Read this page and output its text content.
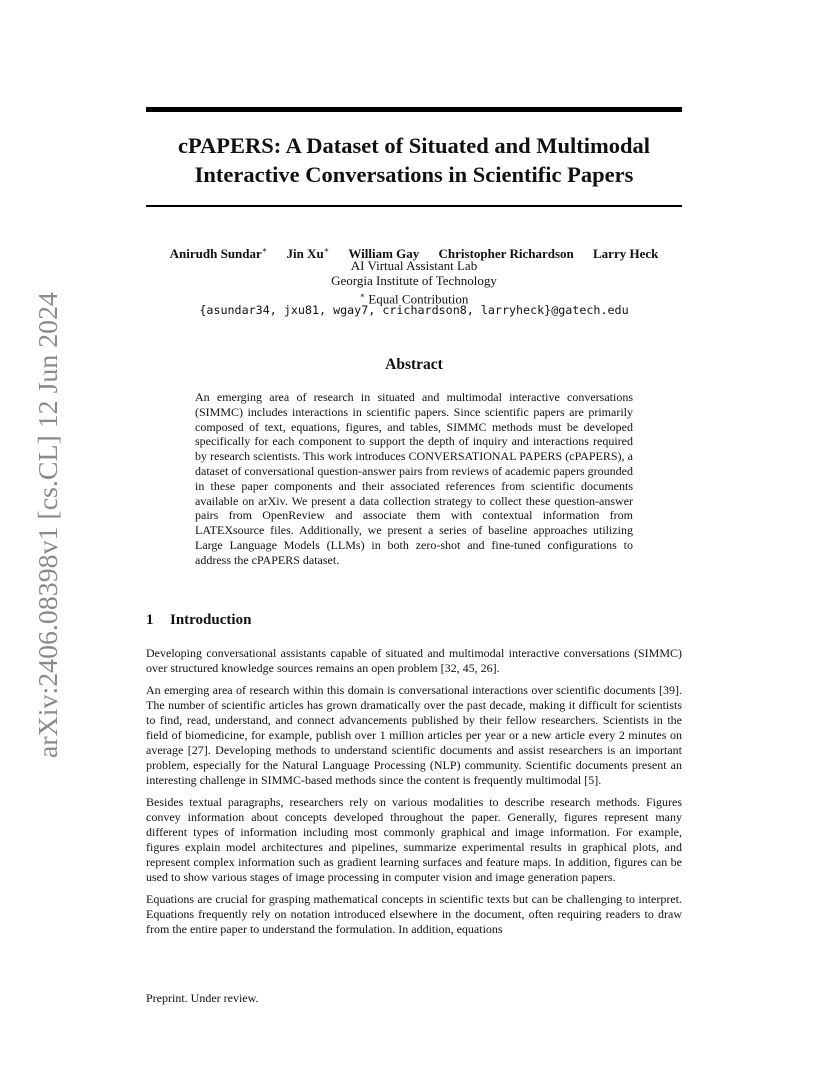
arXiv:2406.08398v1 [cs.CL] 12 Jun 2024
cPAPERS: A Dataset of Situated and Multimodal
Interactive Conversations in Scientific Papers
Anirudh Sundar∗ Jin Xu∗ William Gay Christopher Richardson Larry Heck
AI Virtual Assistant Lab
Georgia Institute of Technology
∗ Equal Contribution
{asundar34, jxu81, wgay7, crichardson8, larryheck}@gatech.edu
Abstract
An emerging area of research in situated and multimodal interactive conversations (SIMMC) includes interactions in scientific papers. Since scientific papers are primarily composed of text, equations, figures, and tables, SIMMC methods must be developed specifically for each component to support the depth of inquiry and interactions required by research scientists. This work introduces CONVERSATIONAL PAPERS (cPAPERS), a dataset of conversational question-answer pairs from reviews of academic papers grounded in these paper components and their associated references from scientific documents available on arXiv. We present a data collection strategy to collect these question-answer pairs from OpenReview and associate them with contextual information from LATEXsource files. Additionally, we present a series of baseline approaches utilizing Large Language Models (LLMs) in both zero-shot and fine-tuned configurations to address the cPAPERS dataset.
1 Introduction

Developing conversational assistants capable of situated and multimodal interactive conversations (SIMMC) over structured knowledge sources remains an open problem [32, 45, 26].

An emerging area of research within this domain is conversational interactions over scientific documents [39]. The number of scientific articles has grown dramatically over the past decade, making it difficult for scientists to find, read, understand, and connect advancements published by their fellow researchers. Scientists in the field of biomedicine, for example, publish over 1 million articles per year or a new article every 2 minutes on average [27]. Developing methods to understand scientific documents and assist researchers is an important problem, especially for the Natural Language Processing (NLP) community. Scientific documents present an interesting challenge in SIMMC-based methods since the content is frequently multimodal [5].

Besides textual paragraphs, researchers rely on various modalities to describe research methods. Figures convey information about concepts developed throughout the paper. Generally, figures represent many different types of information including most commonly graphical and image information. For example, figures explain model architectures and pipelines, summarize experimental results in graphical plots, and represent complex information such as gradient learning surfaces and feature maps. In addition, figures can be used to show various stages of image processing in computer vision and image generation papers.

Equations are crucial for grasping mathematical concepts in scientific texts but can be challenging to interpret. Equations frequently rely on notation introduced elsewhere in the document, often requiring readers to draw from the entire paper to understand the formulation. In addition, equations

Preprint. Under review.
